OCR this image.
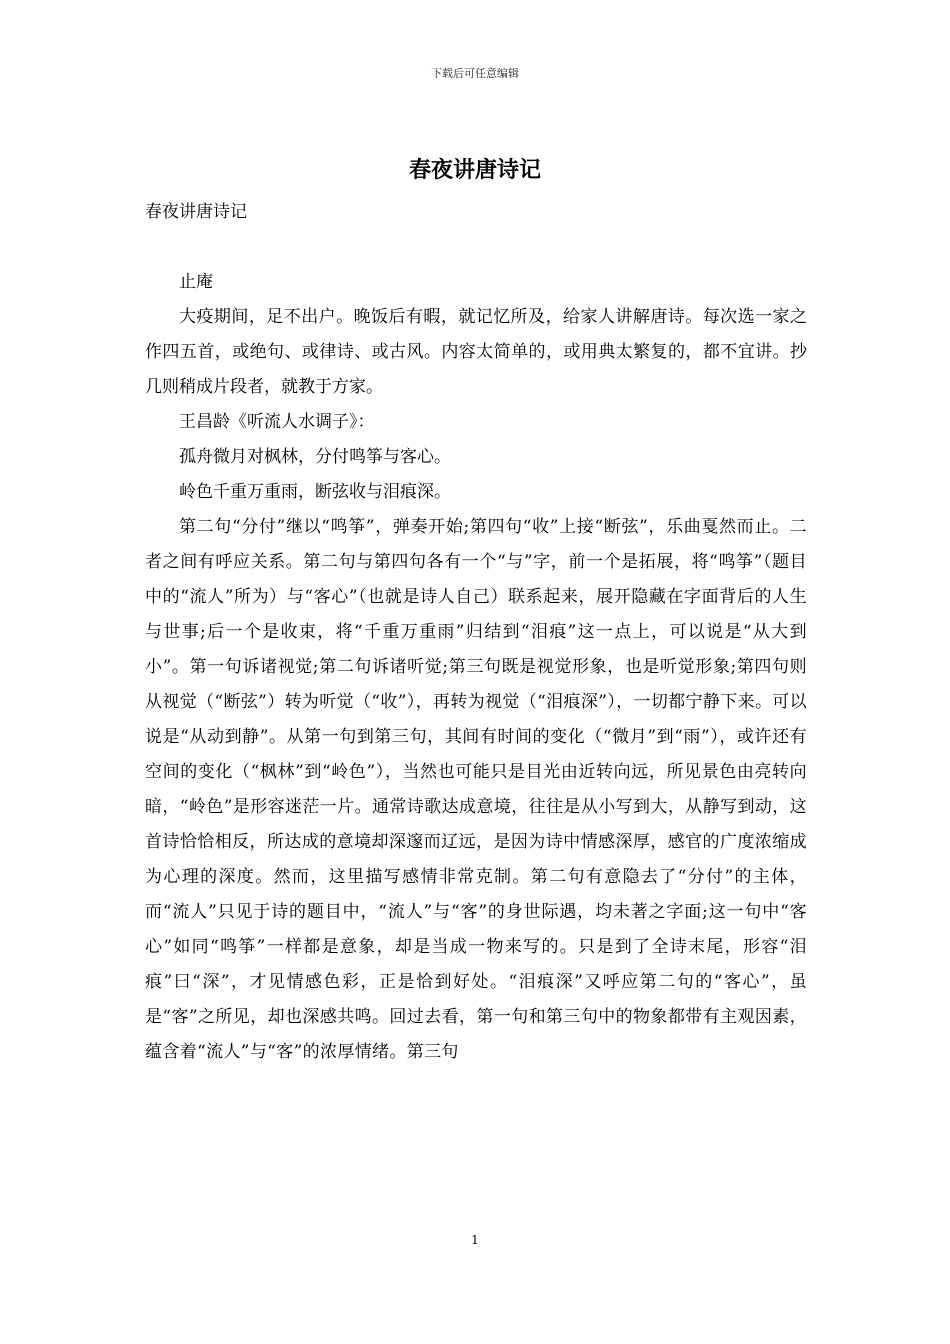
下载后可任意编辑
春夜讲唐诗记

春夜讲唐诗记

止庵

大疫期间，足不出户。晚饭后有暇，就记忆所及，给家人讲解唐诗。每次选一家之作四五首，或绝句、或律诗、或古风。内容太简单的，或用典太繁复的，都不宜讲。抄几则稍成片段者，就教于方家。

王昌龄《听流人水调子》：

孤舟微月对枫林，分付鸣筝与客心。

岭色千重万重雨，断弦收与泪痕深。

第二句“分付”继以“鸣筝”，弹奏开始;第四句“收”上接“断弦”，乐曲戛然而止。二者之间有呼应关系。第二句与第四句各有一个“与”字，前一个是拓展，将“鸣筝”（题目中的“流人”所为）与“客心”（也就是诗人自己）联系起来，展开隐藏在字面背后的人生与世事;后一个是收束，将“千重万重雨”归结到“泪痕”这一点上，可以说是“从大到小”。第一句诉诸视觉;第二句诉诸听觉;第三句既是视觉形象，也是听觉形象;第四句则从视觉（“断弦”）转为听觉（“收”），再转为视觉（“泪痕深”），一切都宁静下来。可以说是“从动到静”。从第一句到第三句，其间有时间的变化（“微月”到“雨”），或许还有空间的变化（“枫林”到“岭色”），当然也可能只是目光由近转向远，所见景色由亮转向暗，“岭色”是形容迷茫一片。通常诗歌达成意境，往往是从小写到大，从静写到动，这首诗恰恰相反，所达成的意境却深邃而辽远，是因为诗中情感深厚，感官的广度浓缩成为心理的深度。然而，这里描写感情非常克制。第二句有意隐去了“分付”的主体，而“流人”只见于诗的题目中，“流人”与“客”的身世际遇，均未著之字面;这一句中“客心”如同“鸣筝”一样都是意象，却是当成一物来写的。只是到了全诗末尾，形容“泪痕”曰“深”，才见情感色彩，正是恰到好处。“泪痕深”又呼应第二句的“客心”，虽是“客”之所见，却也深感共鸣。回过去看，第一句和第三句中的物象都带有主观因素，蕴含着“流人”与“客”的浓厚情绪。第三句

1
